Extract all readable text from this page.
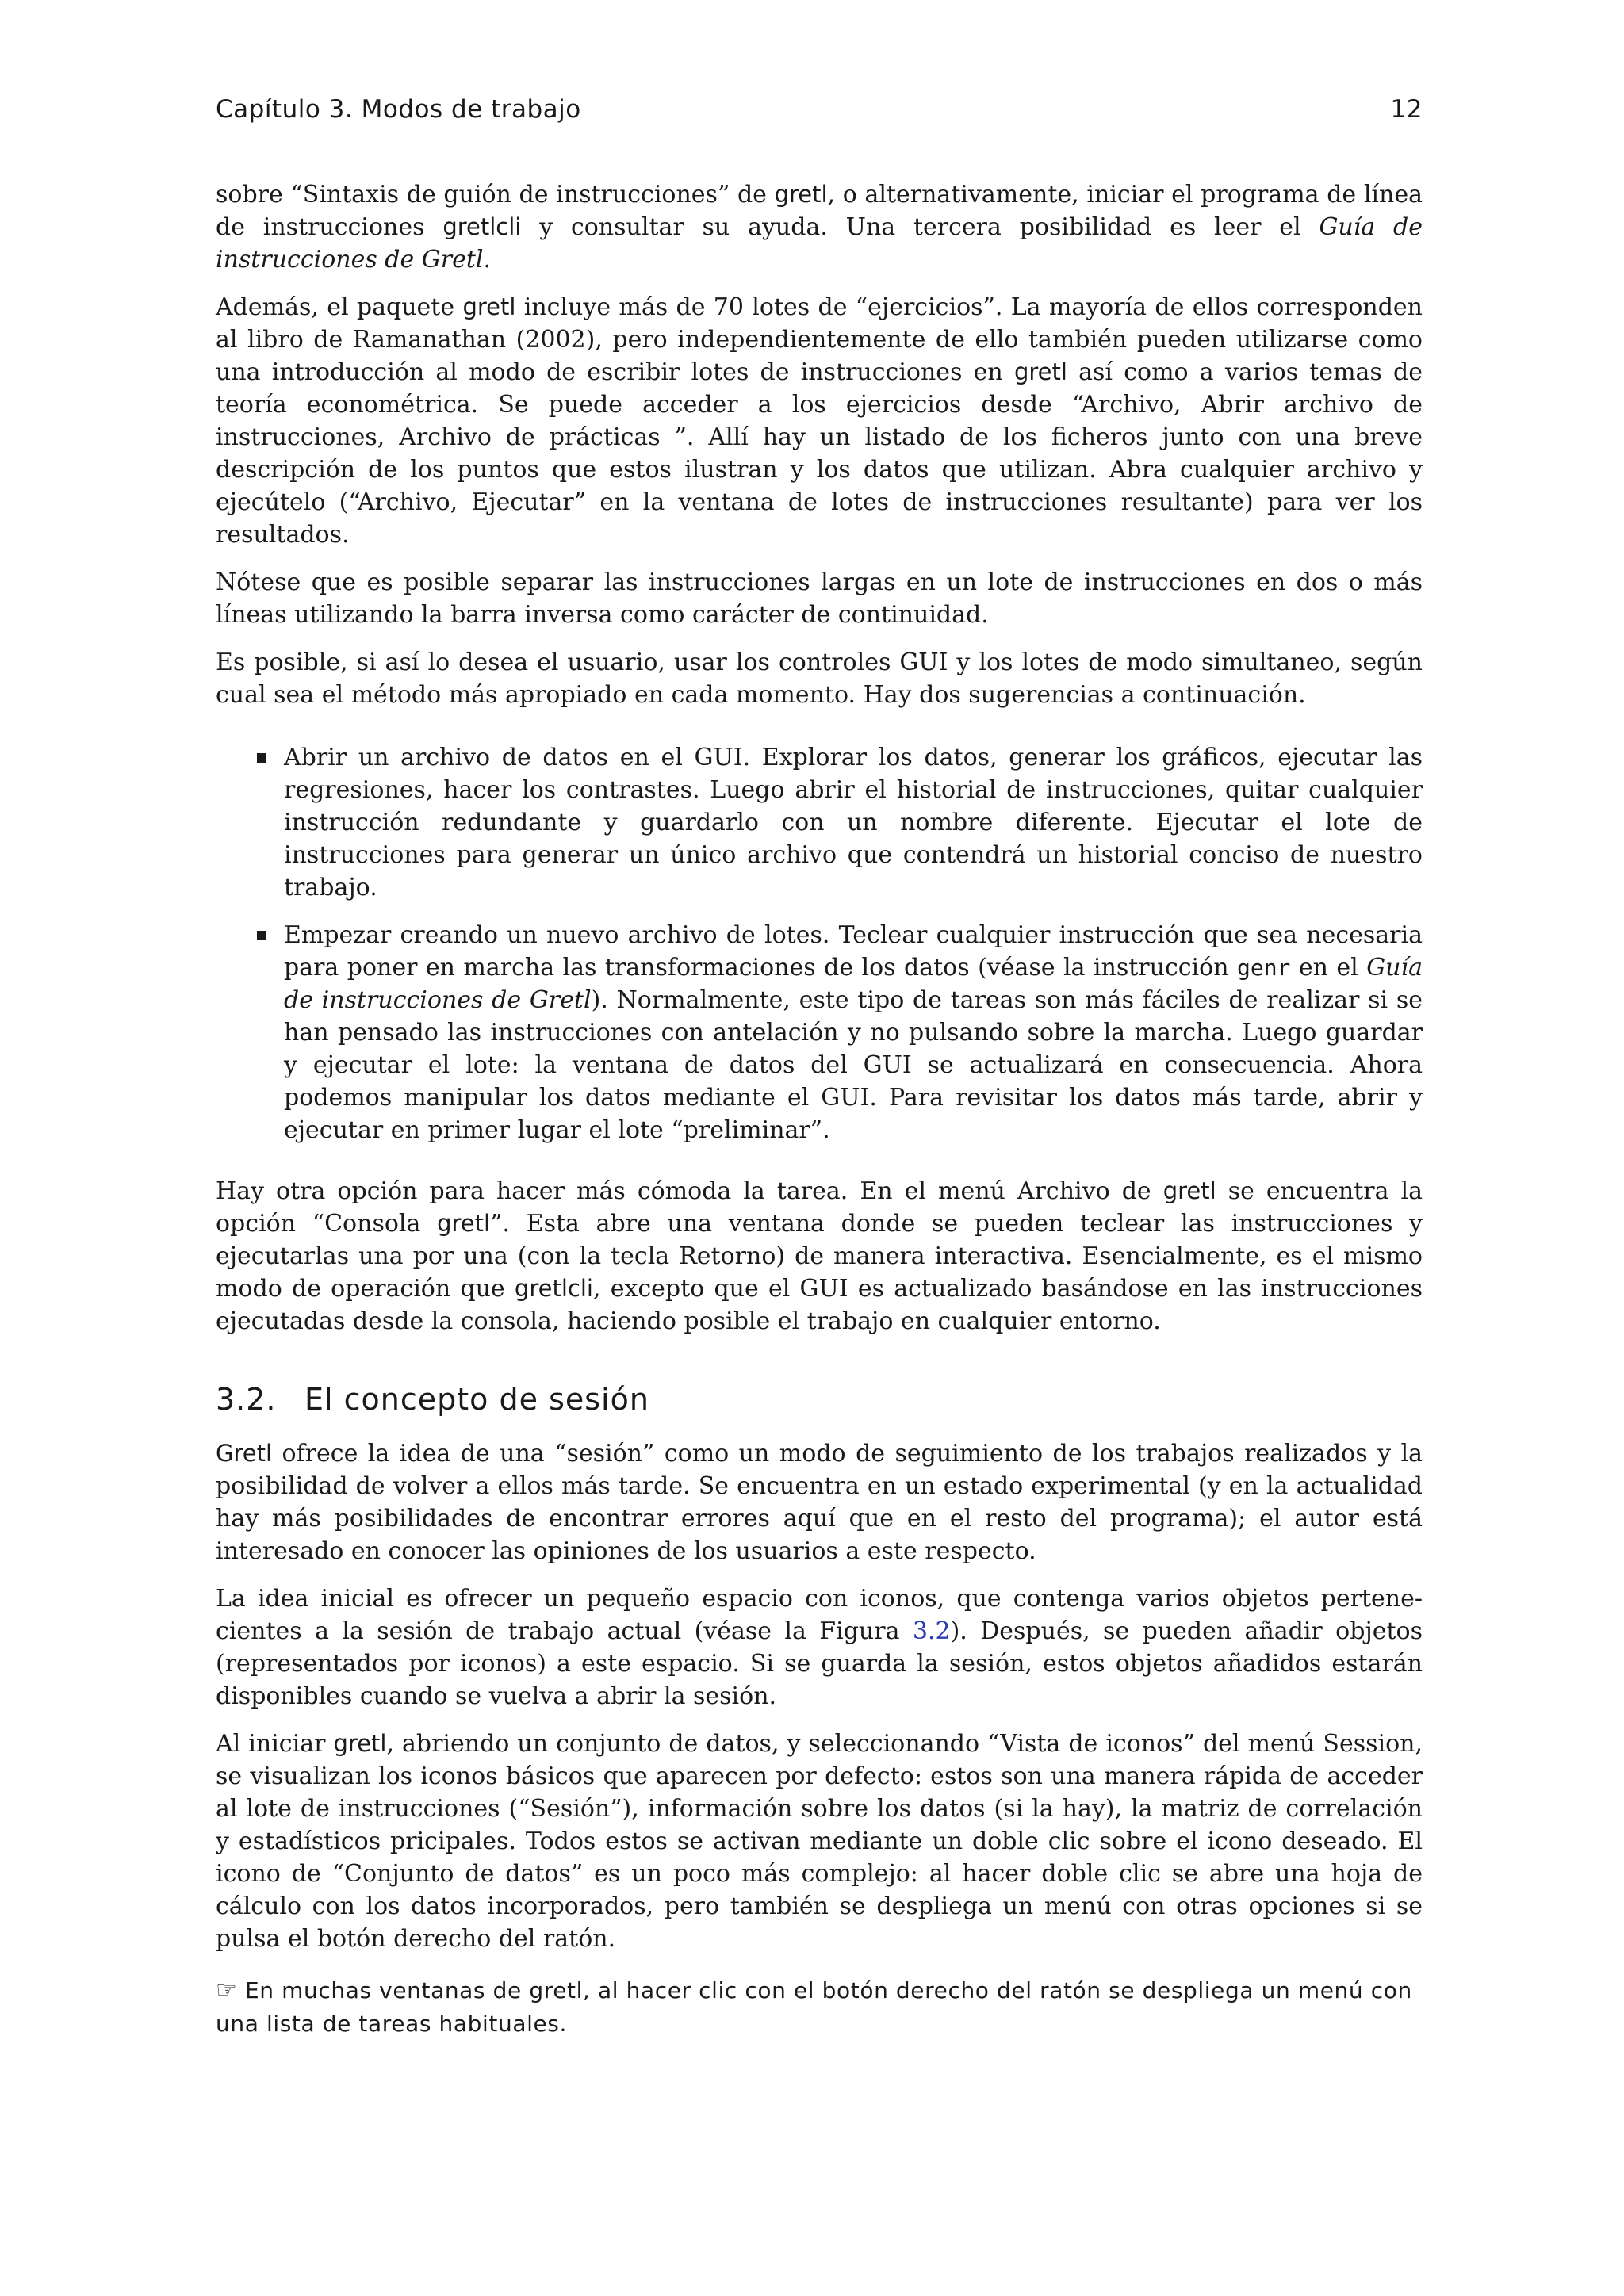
Capítulo 3. Modos de trabajo	12

sobre “Sintaxis de guión de instrucciones” de gretl, o alternativamente, iniciar el programa de línea de instrucciones gretlcli y consultar su ayuda. Una tercera posibilidad es leer el Guía de instrucciones de Gretl.

Además, el paquete gretl incluye más de 70 lotes de “ejercicios”. La mayoría de ellos corresponden al libro de Ramanathan (2002), pero independientemente de ello también pueden utilizarse como una introducción al modo de escribir lotes de instrucciones en gretl así como a varios temas de teoría econométrica. Se puede acceder a los ejercicios desde “Archivo, Abrir archivo de instrucciones, Archivo de prácticas ”. Allí hay un listado de los ficheros junto con una breve descripción de los puntos que estos ilustran y los datos que utilizan. Abra cualquier archivo y ejecútelo (“Archivo, Ejecutar” en la ventana de lotes de instrucciones resultante) para ver los resultados.

Nótese que es posible separar las instrucciones largas en un lote de instrucciones en dos o más líneas utilizando la barra inversa como carácter de continuidad.

Es posible, si así lo desea el usuario, usar los controles GUI y los lotes de modo simultaneo, según cual sea el método más apropiado en cada momento. Hay dos sugerencias a continuación.

Abrir un archivo de datos en el GUI. Explorar los datos, generar los gráficos, ejecutar las regresiones, hacer los contrastes. Luego abrir el historial de instrucciones, quitar cualquier instrucción redundante y guardarlo con un nombre diferente. Ejecutar el lote de instrucciones para generar un único archivo que contendrá un historial conciso de nuestro trabajo.
Empezar creando un nuevo archivo de lotes. Teclear cualquier instrucción que sea necesaria para poner en marcha las transformaciones de los datos (véase la instrucción genr en el Guía de instrucciones de Gretl). Normalmente, este tipo de tareas son más fáciles de realizar si se han pensado las instrucciones con antelación y no pulsando sobre la marcha. Luego guardar y ejecutar el lote: la ventana de datos del GUI se actualizará en consecuencia. Ahora podemos manipular los datos mediante el GUI. Para revisitar los datos más tarde, abrir y ejecutar en primer lugar el lote “preliminar”.

Hay otra opción para hacer más cómoda la tarea. En el menú Archivo de gretl se encuentra la opción “Consola gretl”. Esta abre una ventana donde se pueden teclear las instrucciones y ejecutarlas una por una (con la tecla Retorno) de manera interactiva. Esencialmente, es el mismo modo de operación que gretlcli, excepto que el GUI es actualizado basándose en las instrucciones ejecutadas desde la consola, haciendo posible el trabajo en cualquier entorno.

3.2. El concepto de sesión

Gretl ofrece la idea de una “sesión” como un modo de seguimiento de los trabajos realizados y la posibilidad de volver a ellos más tarde. Se encuentra en un estado experimental (y en la actualidad hay más posibilidades de encontrar errores aquí que en el resto del programa); el autor está interesado en conocer las opiniones de los usuarios a este respecto.

La idea inicial es ofrecer un pequeño espacio con iconos, que contenga varios objetos pertenecientes a la sesión de trabajo actual (véase la Figura 3.2). Después, se pueden añadir objetos (representados por iconos) a este espacio. Si se guarda la sesión, estos objetos añadidos estarán disponibles cuando se vuelva a abrir la sesión.

Al iniciar gretl, abriendo un conjunto de datos, y seleccionando “Vista de iconos” del menú Session, se visualizan los iconos básicos que aparecen por defecto: estos son una manera rápida de acceder al lote de instrucciones (“Sesión”), información sobre los datos (si la hay), la matriz de correlación y estadísticos pricipales. Todos estos se activan mediante un doble clic sobre el icono deseado. El icono de “Conjunto de datos” es un poco más complejo: al hacer doble clic se abre una hoja de cálculo con los datos incorporados, pero también se despliega un menú con otras opciones si se pulsa el botón derecho del ratón.

☞ En muchas ventanas de gretl, al hacer clic con el botón derecho del ratón se despliega un menú con una lista de tareas habituales.
